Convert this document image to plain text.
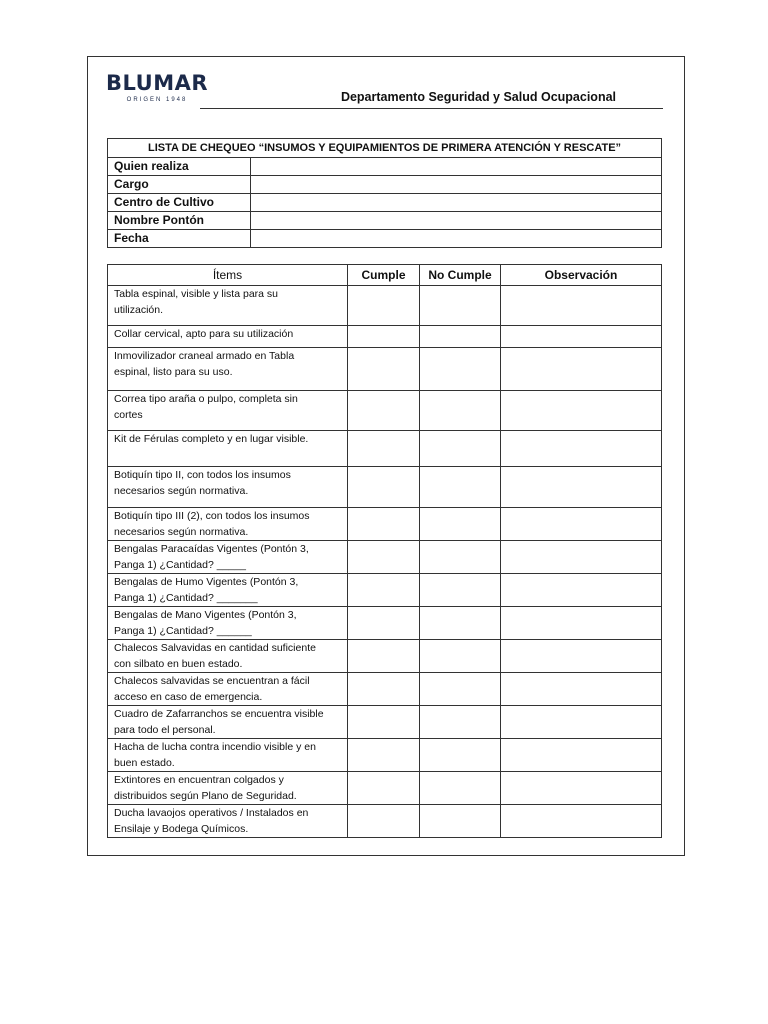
BLUMAR
ORIGEN 1948	Departamento Seguridad y Salud Ocupacional
LISTA DE CHEQUEO “INSUMOS Y EQUIPAMIENTOS DE PRIMERA ATENCIÓN Y RESCATE”	
Quien realiza	
Cargo	
Centro de Cultivo	
Nombre Pontón	
Fecha	
Ítems	Cumple	No Cumple	Observación

Tabla espinal, visible y lista para su
utilización.			

Collar cervical, apto para su utilización			

Inmovilizador craneal armado en Tabla
espinal, listo para su uso.			

Correa tipo araña o pulpo, completa sin
cortes			

Kit de Férulas completo y en lugar visible.			

Botiquín tipo II, con todos los insumos
necesarios según normativa.			

Botiquín tipo III (2), con todos los insumos
necesarios según normativa.			

Bengalas Paracaídas Vigentes (Pontón 3,
Panga 1) ¿Cantidad? _____			

Bengalas de Humo Vigentes (Pontón 3,
Panga 1) ¿Cantidad? _______			

Bengalas de Mano Vigentes (Pontón 3,
Panga 1) ¿Cantidad? ______			

Chalecos Salvavidas en cantidad suficiente
con silbato en buen estado.			

Chalecos salvavidas se encuentran a fácil
acceso en caso de emergencia.			

Cuadro de Zafarranchos se encuentra visible
para todo el personal.			

Hacha de lucha contra incendio visible y en
buen estado.			

Extintores en encuentran colgados y
distribuidos según Plano de Seguridad.			

Ducha lavaojos operativos / Instalados en
Ensilaje y Bodega Químicos.			
